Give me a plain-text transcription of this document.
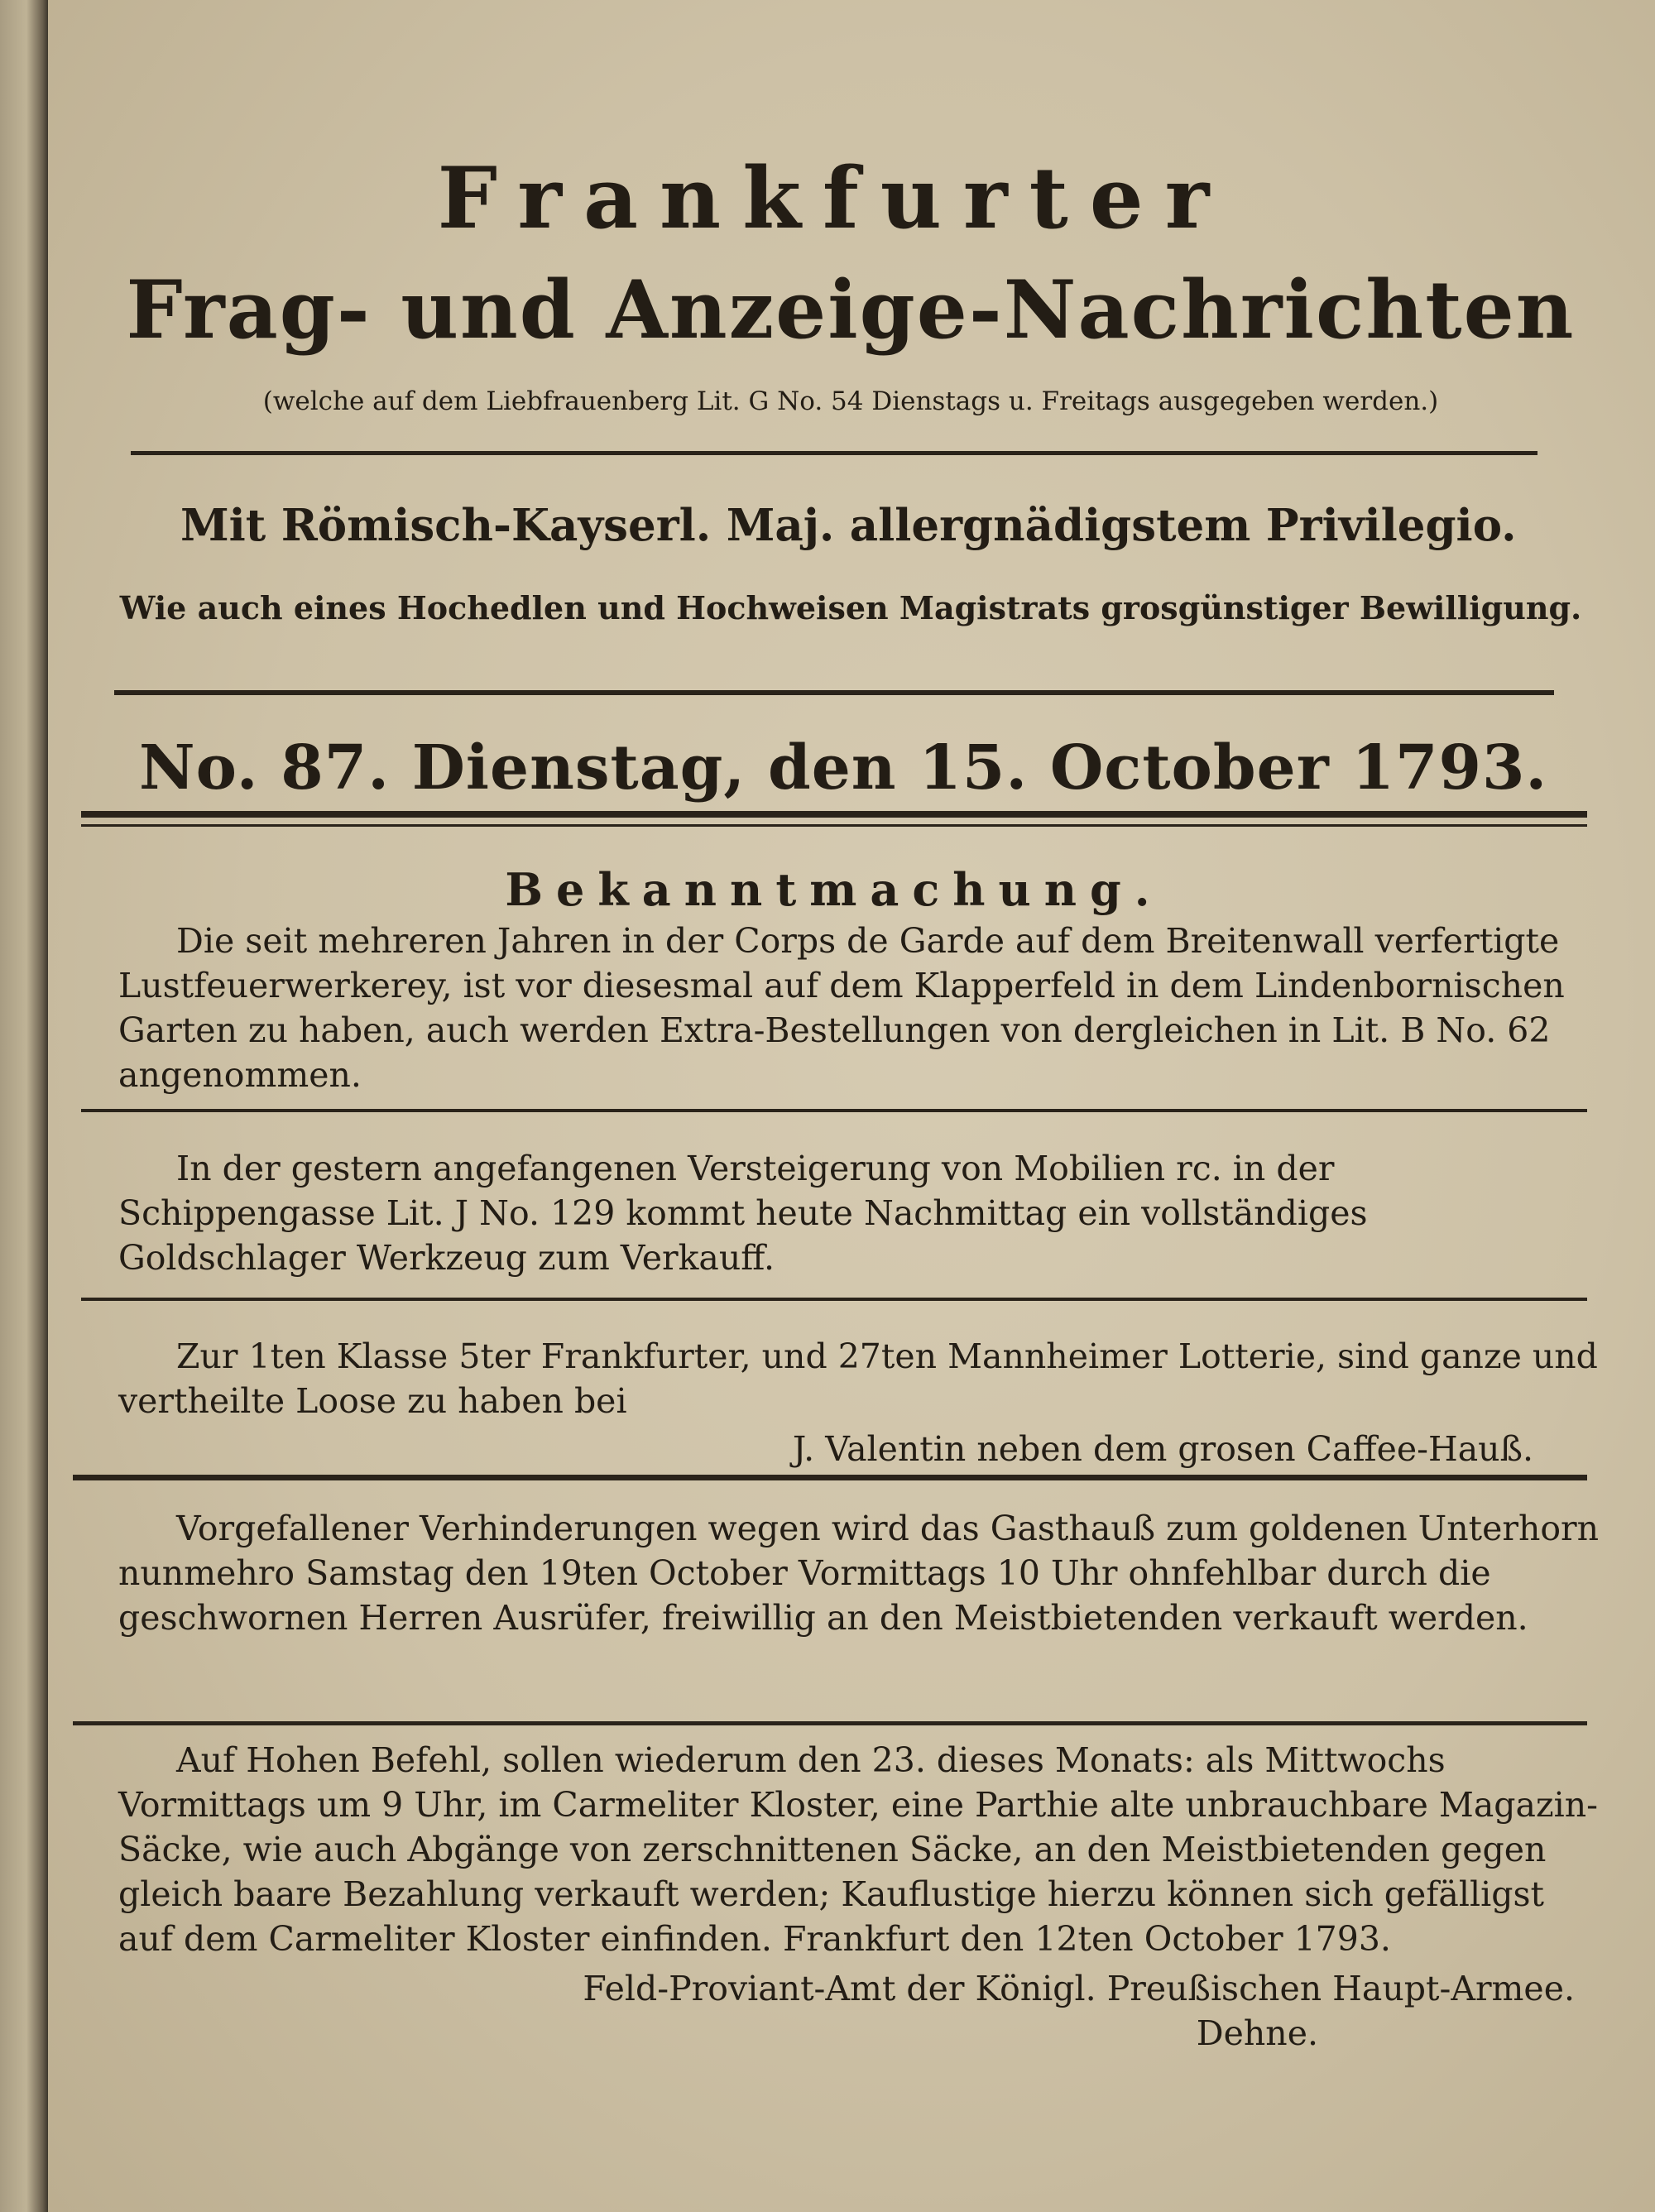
Frankfurter
Frag- und Anzeige-Nachrichten
(welche auf dem Liebfrauenberg Lit. G No. 54 Dienstags u. Freitags ausgegeben werden.)
Mit Römisch-Kayserl. Maj. allergnädigstem Privilegio.
Wie auch eines Hochedlen und Hochweisen Magistrats grosgünstiger Bewilligung.
No. 87. Dienstag, den 15. October 1793.
Bekanntmachung.

Die seit mehreren Jahren in der Corps de Garde auf dem Breitenwall verfertigte Lustfeuerwerkerey, ist vor diesesmal auf dem Klapperfeld in dem Lindenbornischen Garten zu haben, auch werden Extra-Bestellungen von dergleichen in Lit. B No. 62 angenommen.

In der gestern angefangenen Versteigerung von Mobilien rc. in der Schippengasse Lit. J No. 129 kommt heute Nachmittag ein vollständiges Goldschlager Werkzeug zum Verkauff.

Zur 1ten Klasse 5ter Frankfurter, und 27ten Mannheimer Lotterie, sind ganze und vertheilte Loose zu haben bei

J. Valentin neben dem grosen Caffee-Hauß.

Vorgefallener Verhinderungen wegen wird das Gasthauß zum goldenen Unterhorn nunmehro Samstag den 19ten October Vormittags 10 Uhr ohnfehlbar durch die geschwornen Herren Ausrüfer, freiwillig an den Meistbietenden verkauft werden.

Auf Hohen Befehl, sollen wiederum den 23. dieses Monats: als Mittwochs Vormittags um 9 Uhr, im Carmeliter Kloster, eine Parthie alte unbrauchbare Magazin-Säcke, wie auch Abgänge von zerschnittenen Säcke, an den Meistbietenden gegen gleich baare Bezahlung verkauft werden; Kauflustige hierzu können sich gefälligst auf dem Carmeliter Kloster einfinden. Frankfurt den 12ten October 1793.

Feld-Proviant-Amt der Königl. Preußischen Haupt-Armee.

Dehne.
